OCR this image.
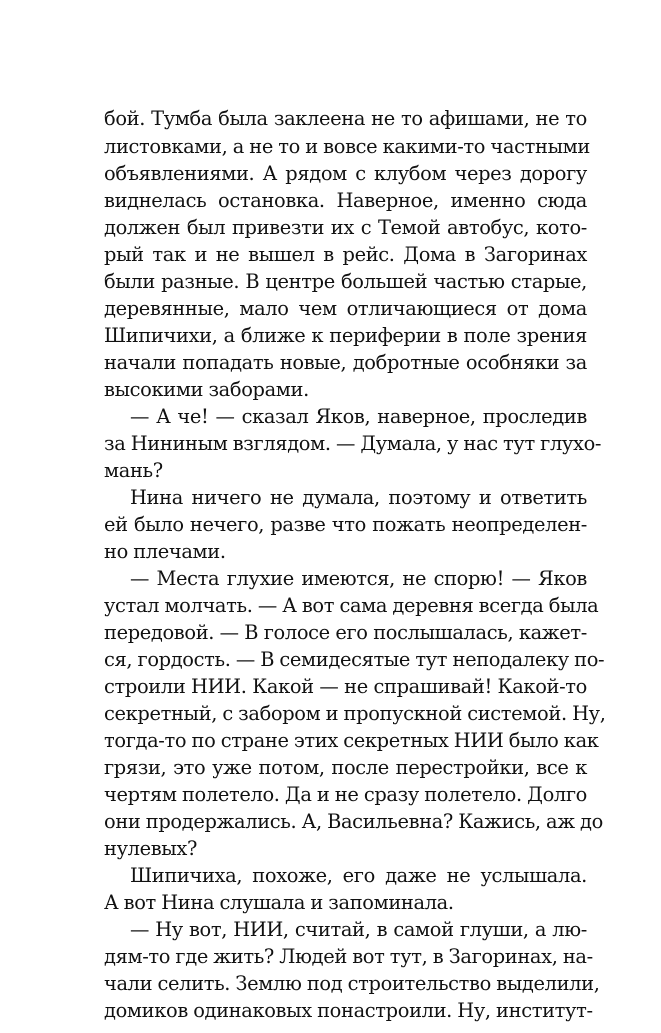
бой. Тумба была заклеена не то афишами, не то
листовками, а не то и вовсе какими-то частными
объявлениями. А рядом с клубом через дорогу
виднелась остановка. Наверное, именно сюда
должен был привезти их с Темой автобус, кото-
рый так и не вышел в рейс. Дома в Загоринах
были разные. В центре большей частью старые,
деревянные, мало чем отличающиеся от дома
Шипичихи, а ближе к периферии в поле зрения
начали попадать новые, добротные особняки за
высокими заборами.
— А че! — сказал Яков, наверное, проследив
за Нининым взглядом. — Думала, у нас тут глухо-
мань?
Нина ничего не думала, поэтому и ответить
ей было нечего, разве что пожать неопределен-
но плечами.
— Места глухие имеются, не спорю! — Яков
устал молчать. — А вот сама деревня всегда была
передовой. — В голосе его послышалась, кажет-
ся, гордость. — В семидесятые тут неподалеку по-
строили НИИ. Какой — не спрашивай! Какой-то
секретный, с забором и пропускной системой. Ну,
тогда-то по стране этих секретных НИИ было как
грязи, это уже потом, после перестройки, все к
чертям полетело. Да и не сразу полетело. Долго
они продержались. А, Васильевна? Кажись, аж до
нулевых?
Шипичиха, похоже, его даже не услышала.
А вот Нина слушала и запоминала.
— Ну вот, НИИ, считай, в самой глуши, а лю-
дям-то где жить? Людей вот тут, в Загоринах, на-
чали селить. Землю под строительство выделили,
домиков одинаковых понастроили. Ну, институт-
